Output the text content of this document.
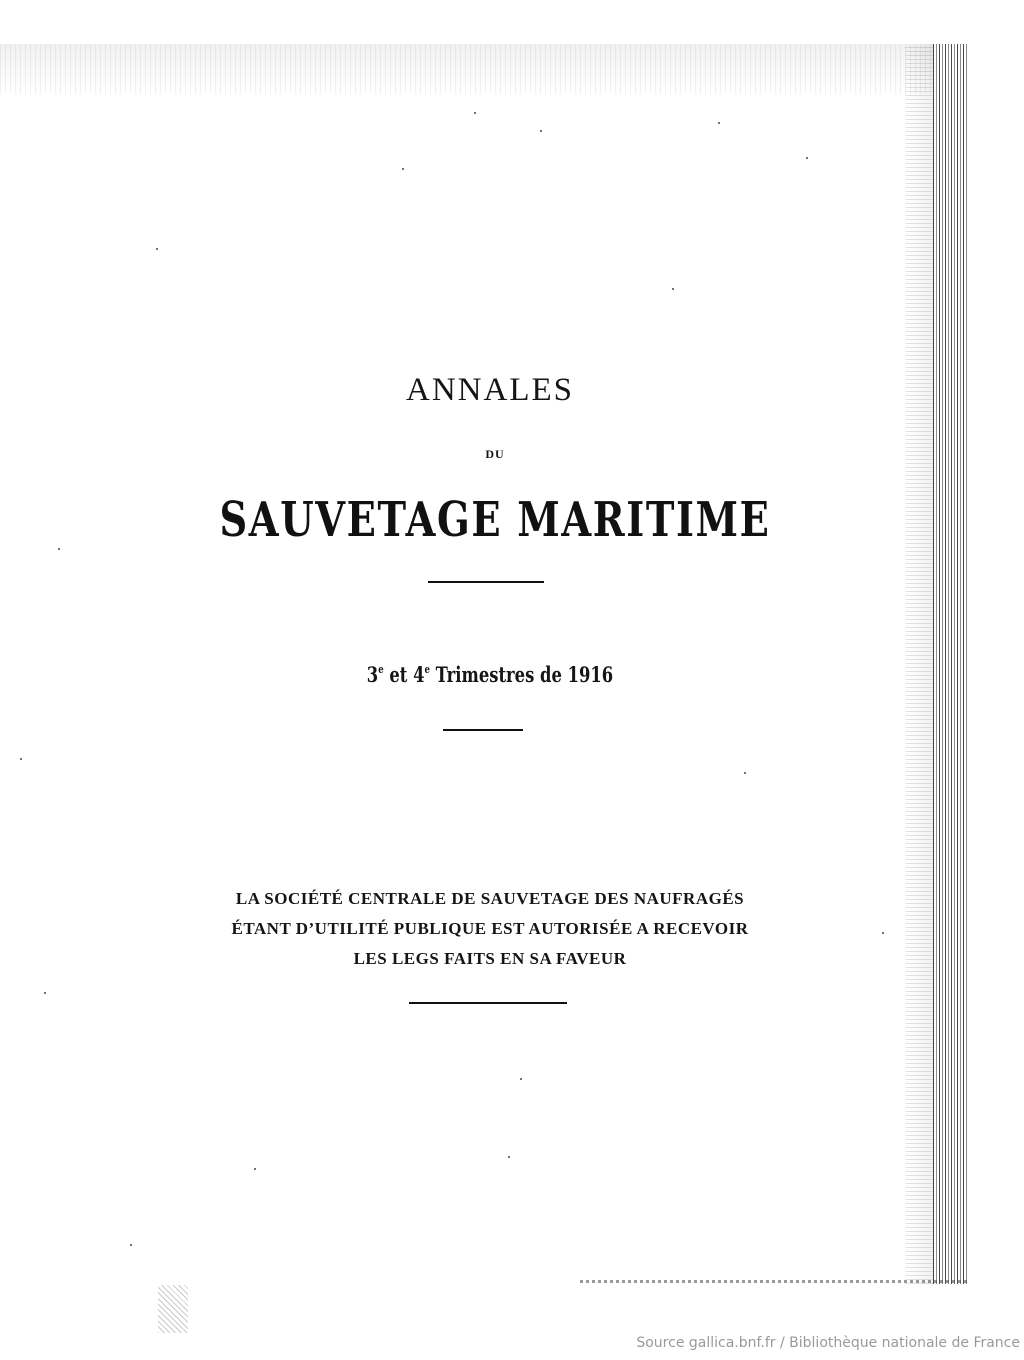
ANNALES
DU
SAUVETAGE MARITIME
3e et 4e Trimestres de 1916
LA SOCIÉTÉ CENTRALE DE SAUVETAGE DES NAUFRAGÉS
ÉTANT D’UTILITÉ PUBLIQUE EST AUTORISÉE A RECEVOIR
LES LEGS FAITS EN SA FAVEUR
Source gallica.bnf.fr / Bibliothèque nationale de France
